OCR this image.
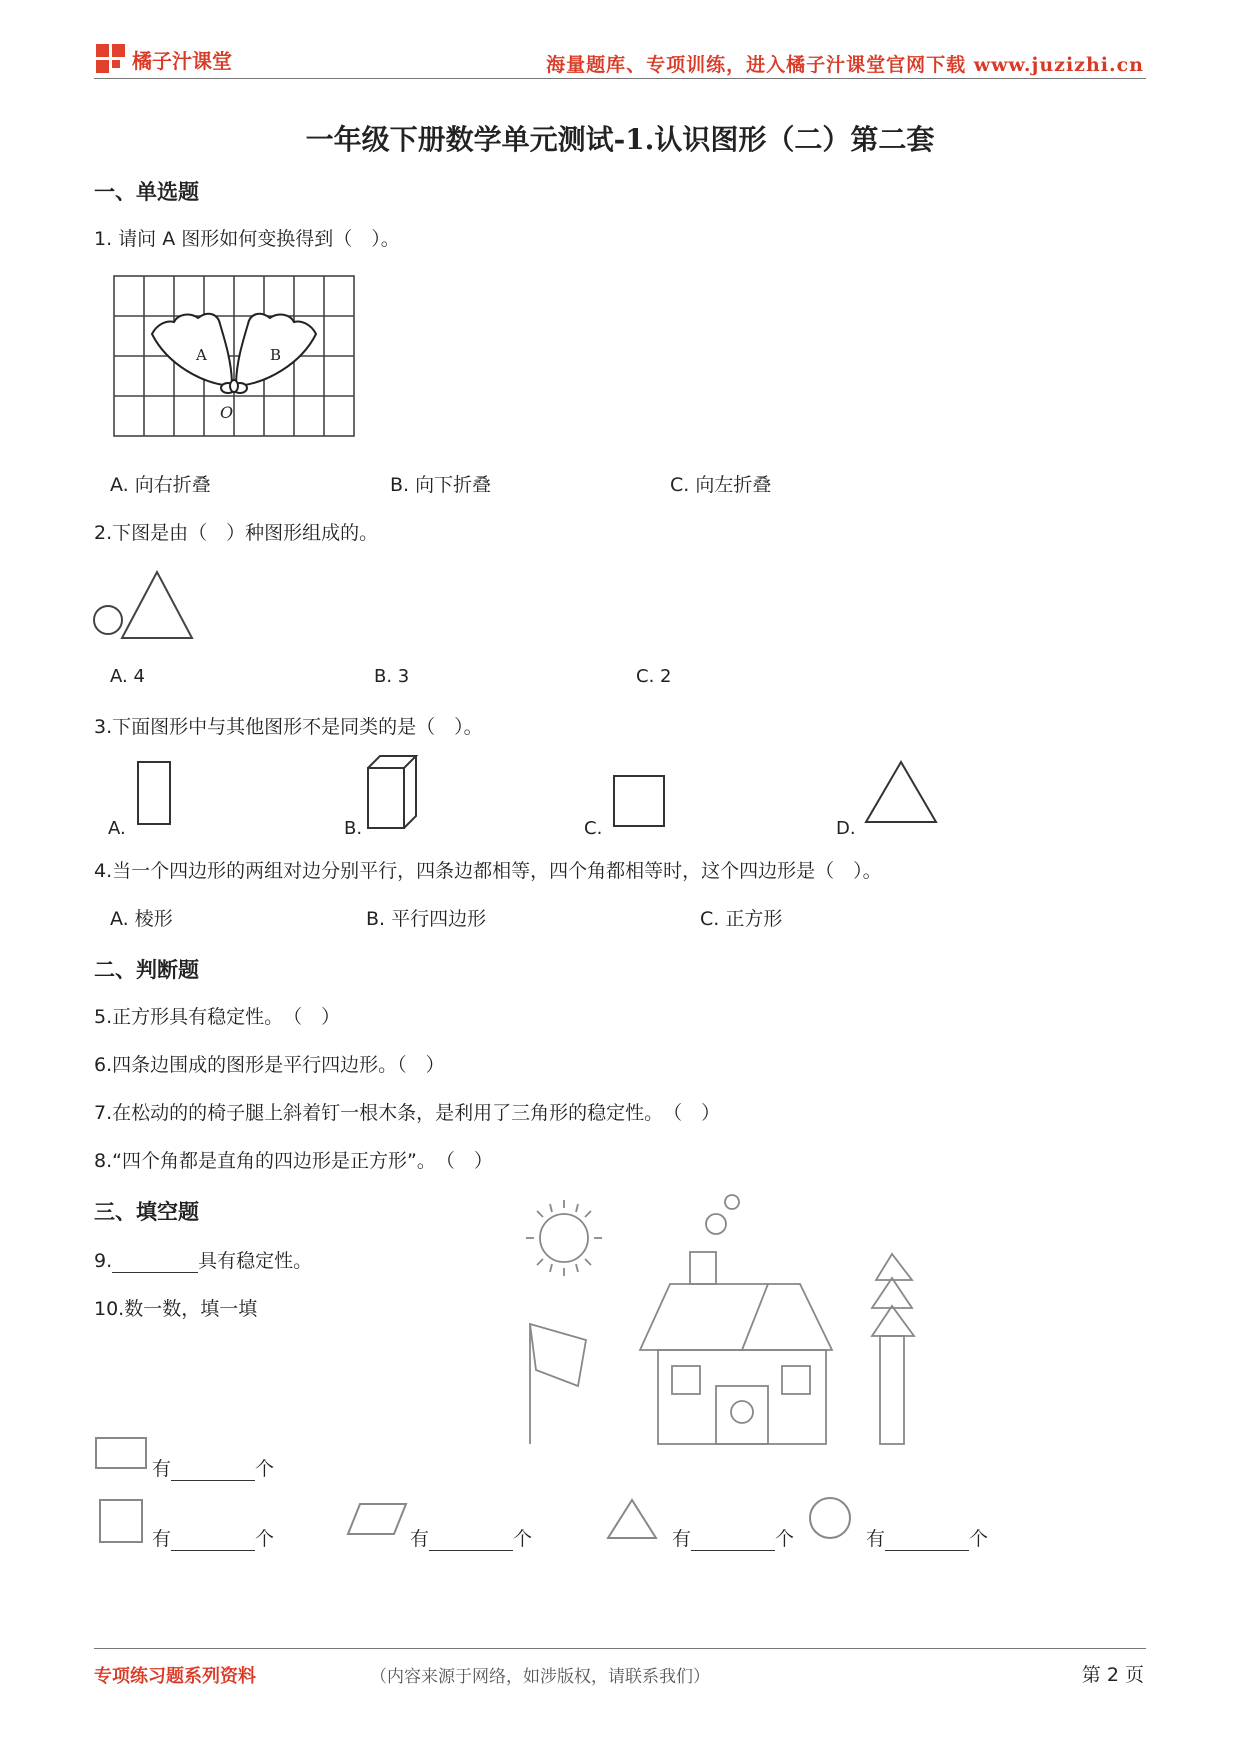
橘子汁课堂	海量题库、专项训练，进入橘子汁课堂官网下载 www.juzizhi.cn
一年级下册数学单元测试-1.认识图形（二）第二套
一、单选题
1. 请问 A 图形如何变换得到（　）。
A	B
O
A. 向右折叠	B. 向下折叠	C. 向左折叠
2.下图是由（　）种图形组成的。
A. 4	B. 3	C. 2
3.下面图形中与其他图形不是同类的是（　）。
A.	B.	C.	D.
4.当一个四边形的两组对边分别平行，四条边都相等，四个角都相等时，这个四边形是（　）。
A. 棱形	B. 平行四边形	C. 正方形
二、判断题
5.正方形具有稳定性。　（　）
6.四条边围成的图形是平行四边形。（　）
7.在松动的的椅子腿上斜着钉一根木条，是利用了三角形的稳定性。　（　）
8.“四个角都是直角的四边形是正方形”。　（　）
三、填空题
9.	具有稳定性。
10.数一数，填一填
有	个
有	个	有	个	有	个	有	个
专项练习题系列资料	（内容来源于网络，如涉版权，请联系我们）	第 2 页
